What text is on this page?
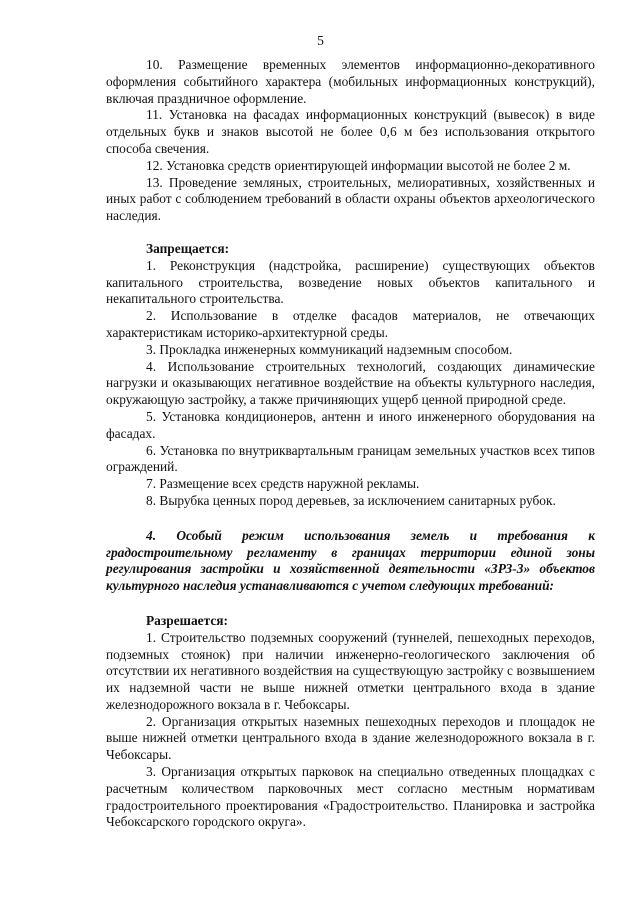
5

10. Размещение временных элементов информационно-декоративного оформления событийного характера (мобильных информационных конструкций), включая праздничное оформление.

11. Установка на фасадах информационных конструкций (вывесок) в виде отдельных букв и знаков высотой не более 0,6 м без использования открытого способа свечения.

12. Установка средств ориентирующей информации высотой не более 2 м.

13. Проведение земляных, строительных, мелиоративных, хозяйственных и иных работ с соблюдением требований в области охраны объектов археологического наследия.

Запрещается:

1. Реконструкция (надстройка, расширение) существующих объектов капитального строительства, возведение новых объектов капитального и некапитального строительства.

2. Использование в отделке фасадов материалов, не отвечающих характеристикам историко-архитектурной среды.

3. Прокладка инженерных коммуникаций надземным способом.

4. Использование строительных технологий, создающих динамические нагрузки и оказывающих негативное воздействие на объекты культурного наследия, окружающую застройку, а также причиняющих ущерб ценной природной среде.

5. Установка кондиционеров, антенн и иного инженерного оборудования на фасадах.

6. Установка по внутриквартальным границам земельных участков всех типов ограждений.

7. Размещение всех средств наружной рекламы.

8. Вырубка ценных пород деревьев, за исключением санитарных рубок.

4. Особый режим использования земель и требования к градостроительному регламенту в границах территории единой зоны регулирования застройки и хозяйственной деятельности «ЗРЗ-3» объектов культурного наследия устанавливаются с учетом следующих требований:

Разрешается:

1. Строительство подземных сооружений (туннелей, пешеходных переходов, подземных стоянок) при наличии инженерно-геологического заключения об отсутствии их негативного воздействия на существующую застройку с возвышением их надземной части не выше нижней отметки центрального входа в здание железнодорожного вокзала в г. Чебоксары.

2. Организация открытых наземных пешеходных переходов и площадок не выше нижней отметки центрального входа в здание железнодорожного вокзала в г. Чебоксары.

3. Организация открытых парковок на специально отведенных площадках с расчетным количеством парковочных мест согласно местным нормативам градостроительного проектирования «Градостроительство. Планировка и застройка Чебоксарского городского округа».
